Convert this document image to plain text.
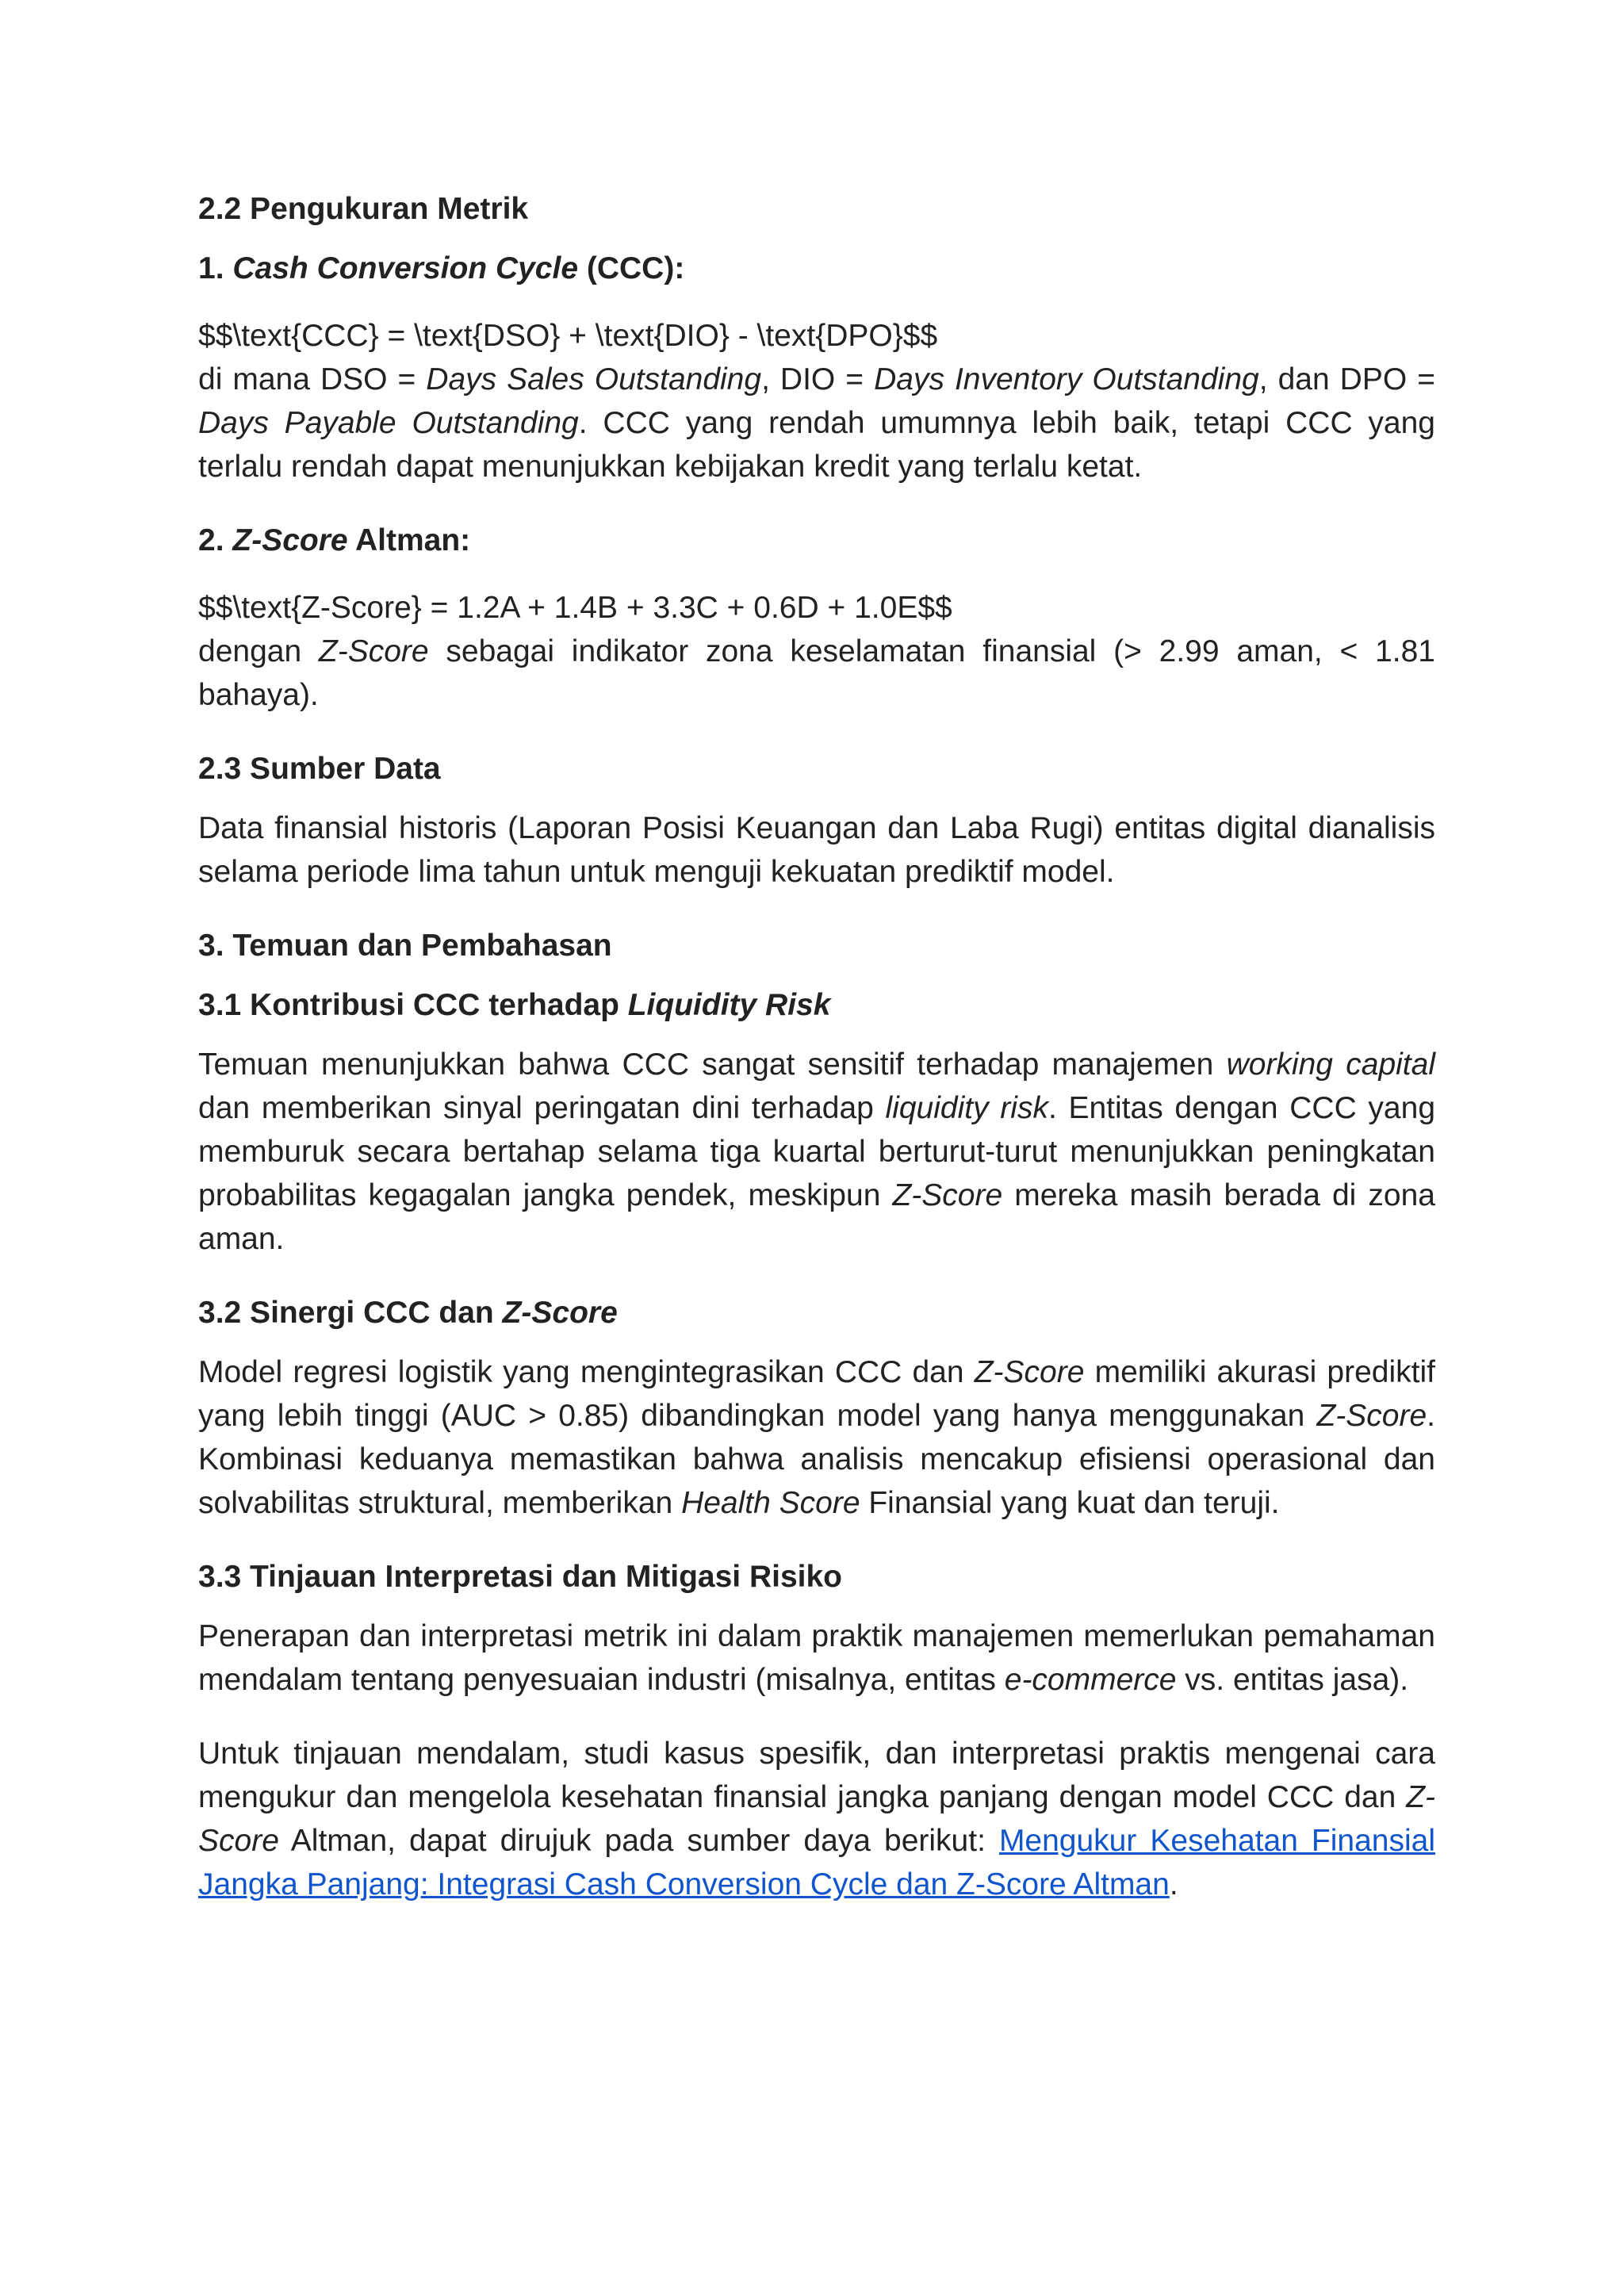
2.2 Pengukuran Metrik

1. Cash Conversion Cycle (CCC):

$$\text{CCC} = \text{DSO} + \text{DIO} - \text{DPO}$$

di mana DSO = Days Sales Outstanding, DIO = Days Inventory Outstanding, dan DPO = Days Payable Outstanding. CCC yang rendah umumnya lebih baik, tetapi CCC yang terlalu rendah dapat menunjukkan kebijakan kredit yang terlalu ketat.

2. Z-Score Altman:

$$\text{Z-Score} = 1.2A + 1.4B + 3.3C + 0.6D + 1.0E$$

dengan Z-Score sebagai indikator zona keselamatan finansial (> 2.99 aman, < 1.81 bahaya).

2.3 Sumber Data

Data finansial historis (Laporan Posisi Keuangan dan Laba Rugi) entitas digital dianalisis selama periode lima tahun untuk menguji kekuatan prediktif model.

3. Temuan dan Pembahasan

3.1 Kontribusi CCC terhadap Liquidity Risk

Temuan menunjukkan bahwa CCC sangat sensitif terhadap manajemen working capital dan memberikan sinyal peringatan dini terhadap liquidity risk. Entitas dengan CCC yang memburuk secara bertahap selama tiga kuartal berturut-turut menunjukkan peningkatan probabilitas kegagalan jangka pendek, meskipun Z-Score mereka masih berada di zona aman.

3.2 Sinergi CCC dan Z-Score

Model regresi logistik yang mengintegrasikan CCC dan Z-Score memiliki akurasi prediktif yang lebih tinggi (AUC > 0.85) dibandingkan model yang hanya menggunakan Z-Score. Kombinasi keduanya memastikan bahwa analisis mencakup efisiensi operasional dan solvabilitas struktural, memberikan Health Score Finansial yang kuat dan teruji.

3.3 Tinjauan Interpretasi dan Mitigasi Risiko

Penerapan dan interpretasi metrik ini dalam praktik manajemen memerlukan pemahaman mendalam tentang penyesuaian industri (misalnya, entitas e-commerce vs. entitas jasa).

Untuk tinjauan mendalam, studi kasus spesifik, dan interpretasi praktis mengenai cara mengukur dan mengelola kesehatan finansial jangka panjang dengan model CCC dan Z-Score Altman, dapat dirujuk pada sumber daya berikut: Mengukur Kesehatan Finansial Jangka Panjang: Integrasi Cash Conversion Cycle dan Z-Score Altman.
